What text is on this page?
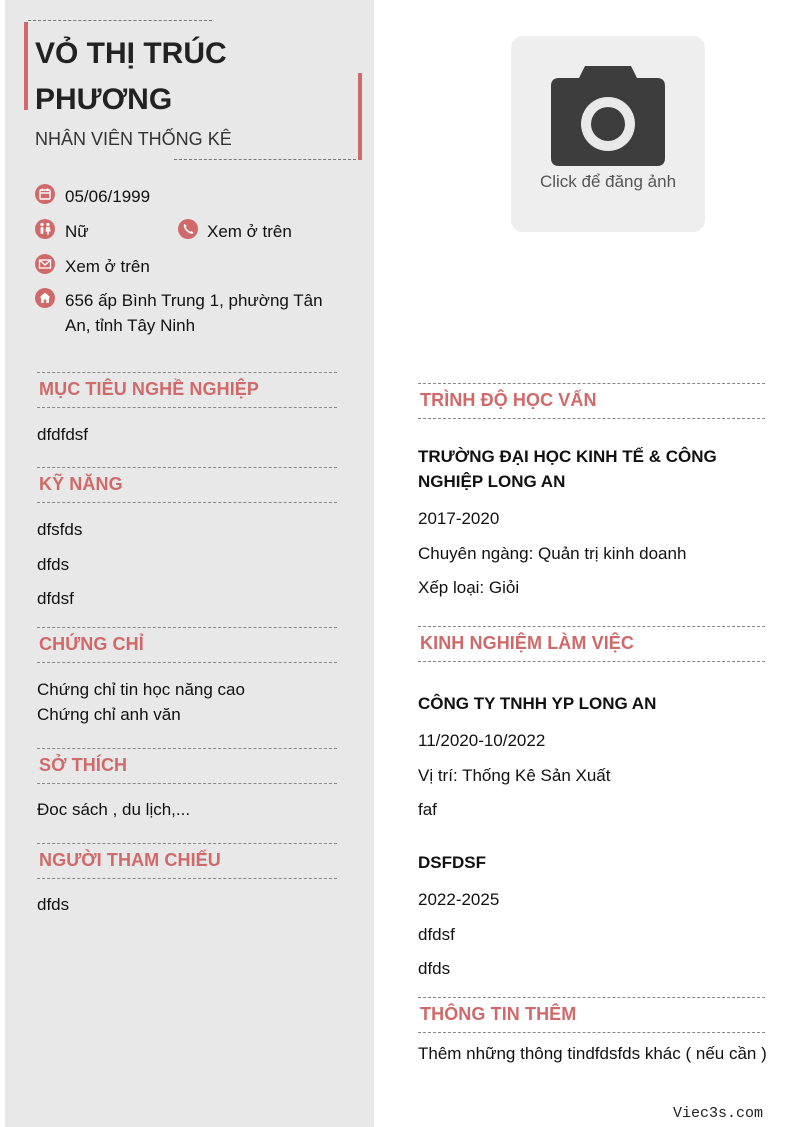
VỎ THỊ TRÚC PHƯƠNG
NHÂN VIÊN THỐNG KÊ
05/06/1999
Nữ	Xem ở trên
Xem ở trên
656 ấp Bình Trung 1, phường Tân An, tỉnh Tây Ninh
MỤC TIÊU NGHỀ NGHIỆP
dfdfdsf
KỸ NĂNG
dfsfds
dfds
dfdsf
CHỨNG CHỈ
Chứng chỉ tin học năng cao
Chứng chỉ anh văn
SỞ THÍCH
Đoc sách , du lịch,...
NGƯỜI THAM CHIẾU
dfds
Click để đăng ảnh
TRÌNH ĐỘ HỌC VẤN
TRƯỜNG ĐẠI HỌC KINH TẾ & CÔNG NGHIỆP LONG AN
2017-2020
Chuyên ngàng: Quản trị kinh doanh
Xếp loại: Giỏi
KINH NGHIỆM LÀM VIỆC
CÔNG TY TNHH YP LONG AN
11/2020-10/2022
Vị trí: Thống Kê Sản Xuất
faf
DSFDSF
2022-2025
dfdsf
dfds
THÔNG TIN THÊM
Thêm những thông tindfdsfds khác ( nếu cần )
Viec3s.com
